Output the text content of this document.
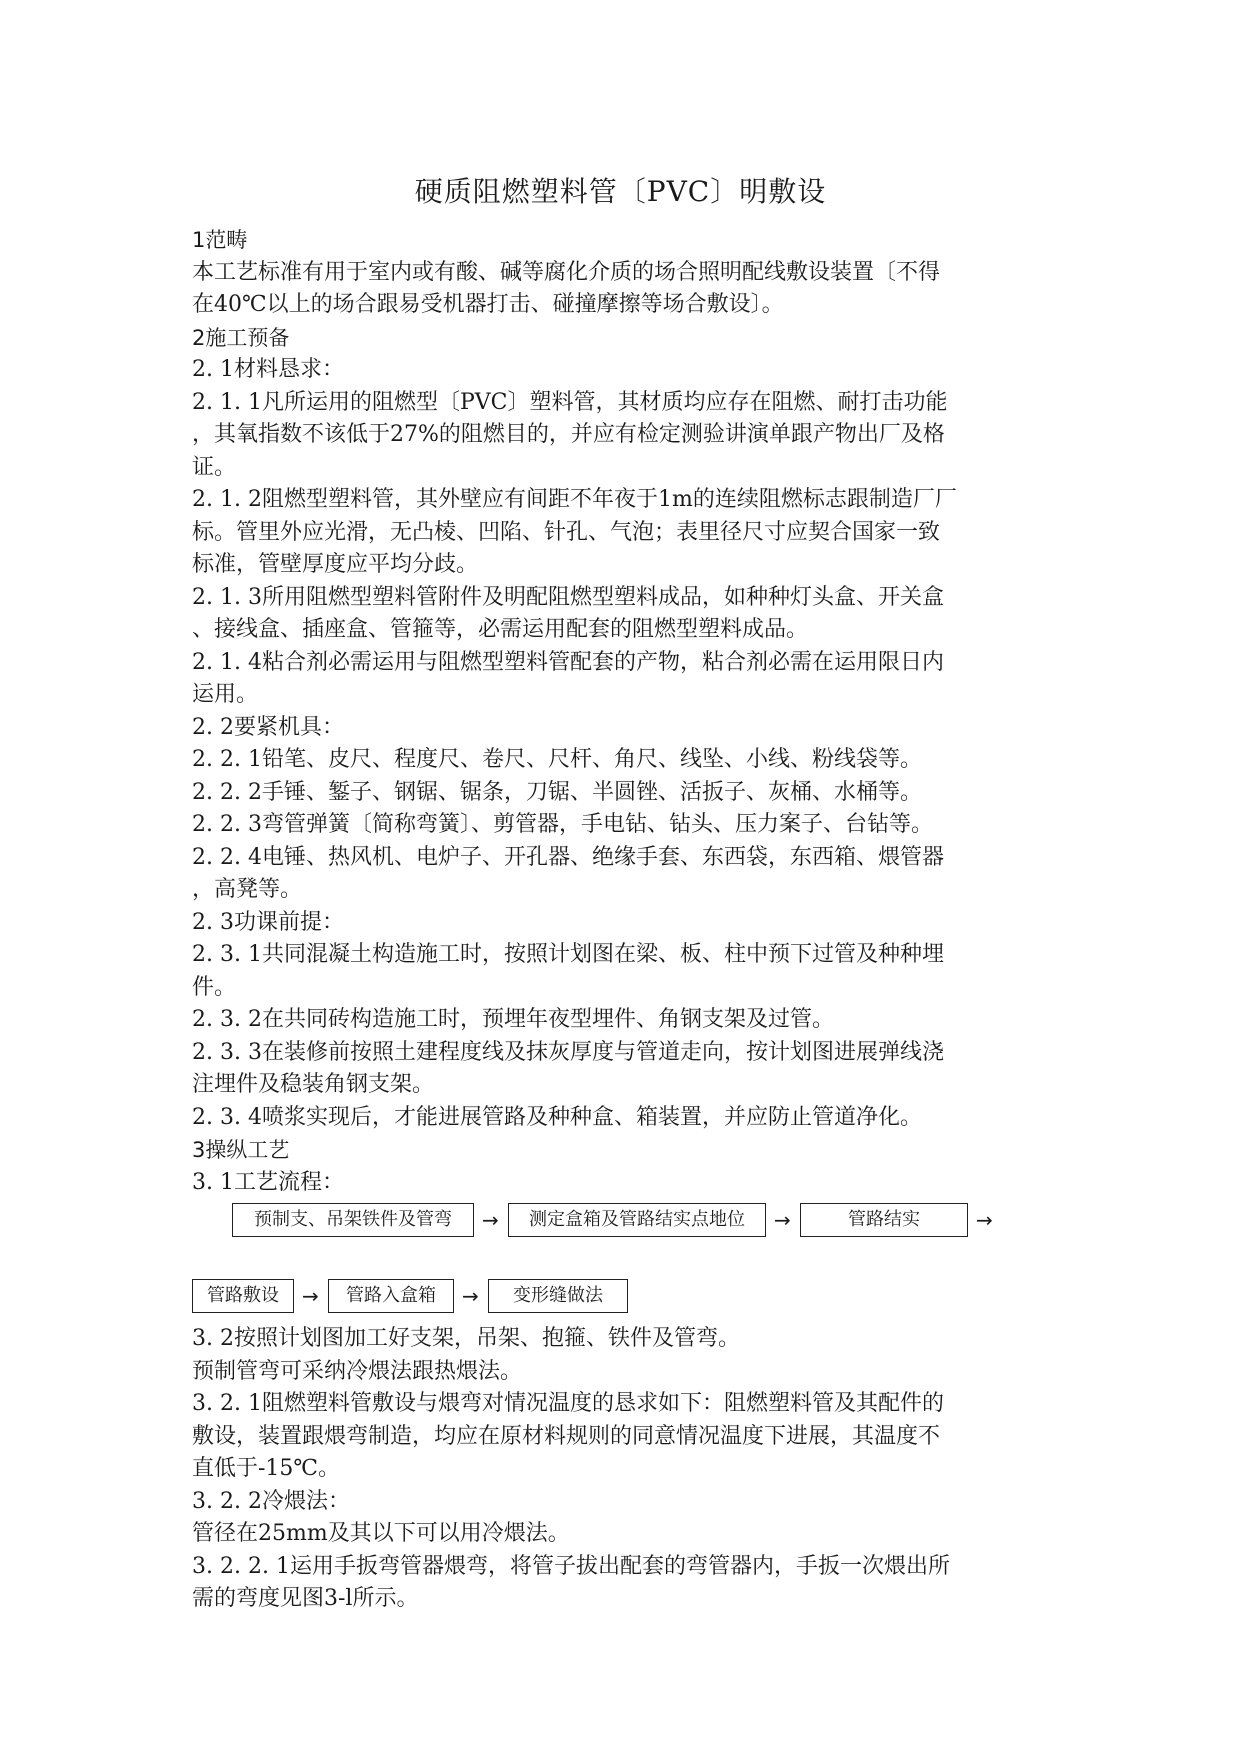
硬质阻燃塑料管〔PVC〕明敷设

1范畴

本工艺标准有用于室内或有酸、碱等腐化介质的场合照明配线敷设装置〔不得

在40℃以上的场合跟易受机器打击、碰撞摩擦等场合敷设〕。

2施工预备

2. 1材料恳求：

2. 1. 1凡所运用的阻燃型〔PVC〕塑料管，其材质均应存在阻燃、耐打击功能

，其氧指数不该低于27%的阻燃目的，并应有检定测验讲演单跟产物出厂及格

证。

2. 1. 2阻燃型塑料管，其外壁应有间距不年夜于1m的连续阻燃标志跟制造厂厂

标。管里外应光滑，无凸棱、凹陷、针孔、气泡；表里径尺寸应契合国家一致

标准，管壁厚度应平均分歧。

2. 1. 3所用阻燃型塑料管附件及明配阻燃型塑料成品，如种种灯头盒、开关盒

、接线盒、插座盒、管箍等，必需运用配套的阻燃型塑料成品。

2. 1. 4粘合剂必需运用与阻燃型塑料管配套的产物，粘合剂必需在运用限日内

运用。

2. 2要紧机具：

2. 2. 1铅笔、皮尺、程度尺、卷尺、尺杆、角尺、线坠、小线、粉线袋等。

2. 2. 2手锤、錾子、钢锯、锯条，刀锯、半圆锉、活扳子、灰桶、水桶等。

2. 2. 3弯管弹簧〔简称弯簧〕、剪管器，手电钻、钻头、压力案子、台钻等。

2. 2. 4电锤、热风机、电炉子、开孔器、绝缘手套、东西袋，东西箱、煨管器

，高凳等。

2. 3功课前提：

2. 3. 1共同混凝土构造施工时，按照计划图在梁、板、柱中预下过管及种种埋

件。

2. 3. 2在共同砖构造施工时，预埋年夜型埋件、角钢支架及过管。

2. 3. 3在装修前按照土建程度线及抹灰厚度与管道走向，按计划图进展弹线浇

注埋件及稳装角钢支架。

2. 3. 4喷浆实现后，才能进展管路及种种盒、箱装置，并应防止管道净化。

3操纵工艺

3. 1工艺流程：

预制支、吊架铁件及管弯	→	测定盒箱及管路结实点地位	→	管路结实	→
管路敷设	→	管路入盒箱	→	变形缝做法

3. 2按照计划图加工好支架，吊架、抱箍、铁件及管弯。

预制管弯可采纳冷煨法跟热煨法。

3. 2. 1阻燃塑料管敷设与煨弯对情况温度的恳求如下：阻燃塑料管及其配件的

敷设，装置跟煨弯制造，均应在原材料规则的同意情况温度下进展，其温度不

直低于-15℃。

3. 2. 2冷煨法：

管径在25mm及其以下可以用冷煨法。

3. 2. 2. 1运用手扳弯管器煨弯，将管子拔出配套的弯管器内，手扳一次煨出所

需的弯度见图3-l所示。
